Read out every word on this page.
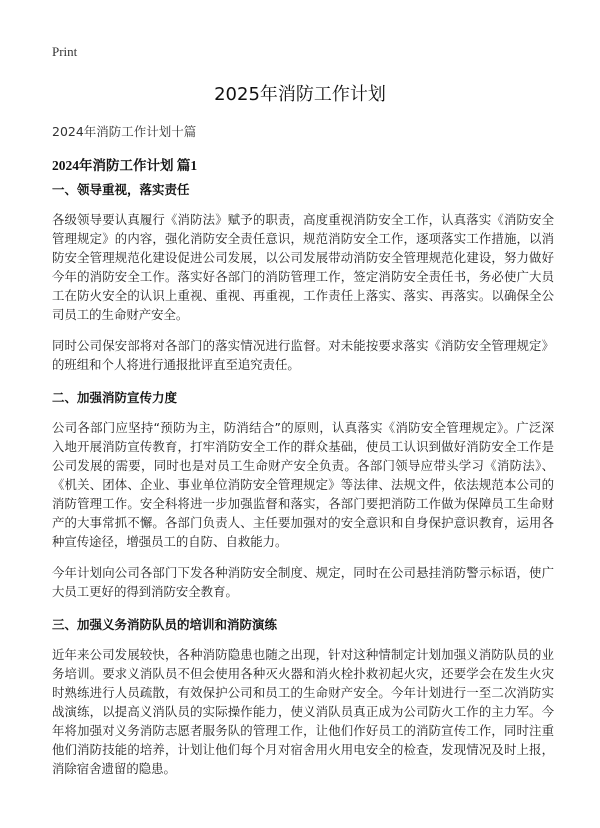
Print
2025年消防工作计划
2024年消防工作计划十篇
2024年消防工作计划 篇1
一、领导重视，落实责任

各级领导要认真履行《消防法》赋予的职责，高度重视消防安全工作，认真落实《消防安全管理规定》的内容，强化消防安全责任意识，规范消防安全工作，逐项落实工作措施，以消防安全管理规范化建设促进公司发展，以公司发展带动消防安全管理规范化建设，努力做好今年的消防安全工作。落实好各部门的消防管理工作，签定消防安全责任书，务必使广大员工在防火安全的认识上重视、重视、再重视，工作责任上落实、落实、再落实。以确保全公司员工的生命财产安全。

同时公司保安部将对各部门的落实情况进行监督。对未能按要求落实《消防安全管理规定》的班组和个人将进行通报批评直至追究责任。

二、加强消防宣传力度

公司各部门应坚持“预防为主，防消结合”的原则，认真落实《消防安全管理规定》。广泛深入地开展消防宣传教育，打牢消防安全工作的群众基础，使员工认识到做好消防安全工作是公司发展的需要，同时也是对员工生命财产安全负责。各部门领导应带头学习《消防法》、《机关、团体、企业、事业单位消防安全管理规定》等法律、法规文件，依法规范本公司的消防管理工作。安全科将进一步加强监督和落实，各部门要把消防工作做为保障员工生命财产的大事常抓不懈。各部门负责人、主任要加强对的安全意识和自身保护意识教育，运用各种宣传途径，增强员工的自防、自救能力。

今年计划向公司各部门下发各种消防安全制度、规定，同时在公司悬挂消防警示标语，使广大员工更好的得到消防安全教育。

三、加强义务消防队员的培训和消防演练

近年来公司发展较快，各种消防隐患也随之出现，针对这种情制定计划加强义消防队员的业务培训。要求义消队员不但会使用各种灭火器和消火栓扑救初起火灾，还要学会在发生火灾时熟练进行人员疏散，有效保护公司和员工的生命财产安全。今年计划进行一至二次消防实战演练，以提高义消队员的实际操作能力，使义消队员真正成为公司防火工作的主力军。今年将加强对义务消防志愿者服务队的管理工作，让他们作好员工的消防宣传工作，同时注重他们消防技能的培养，计划让他们每个月对宿舍用火用电安全的检查，发现情况及时上报，消除宿舍遗留的隐患。
